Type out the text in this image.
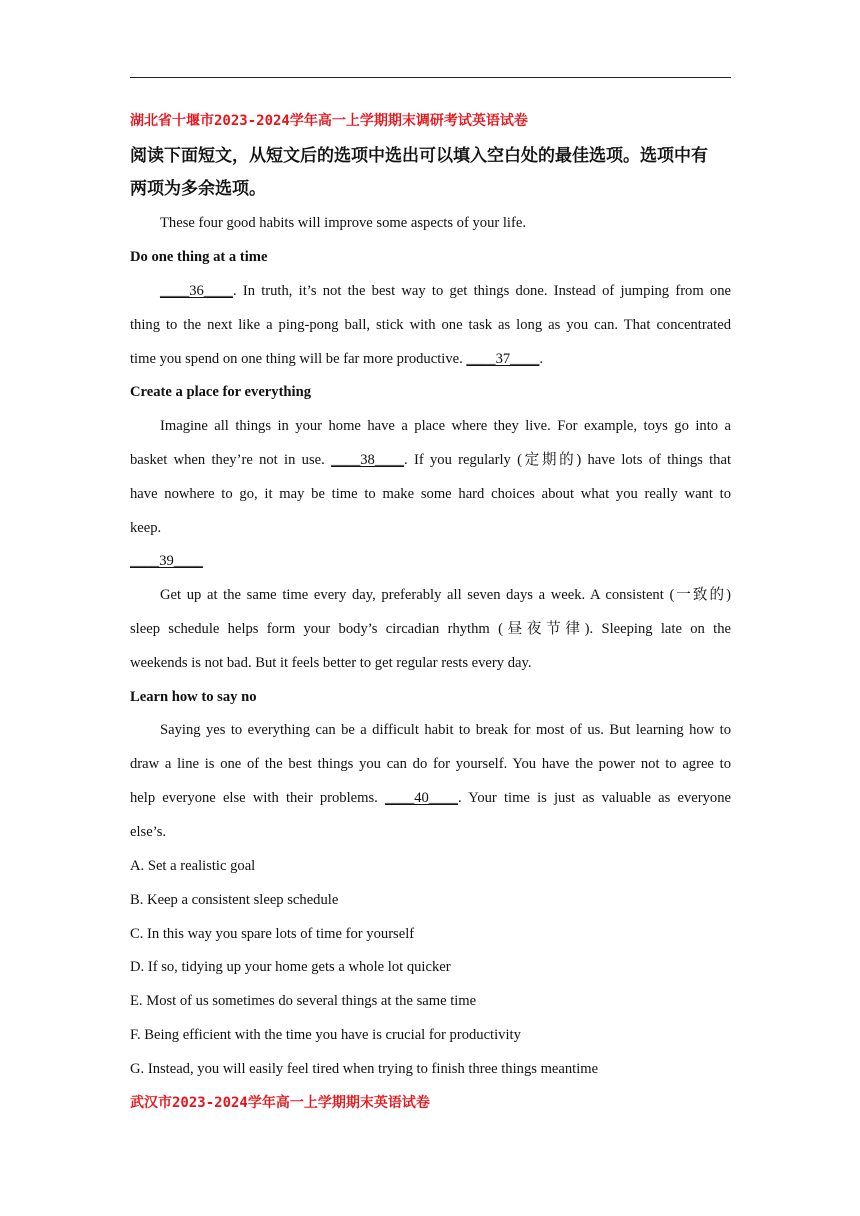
湖北省十堰市2023-2024学年高一上学期期末调研考试英语试卷
阅读下面短文，从短文后的选项中选出可以填入空白处的最佳选项。选项中有
两项为多余选项。
These four good habits will improve some aspects of your life.
Do one thing at a time
____36____. In truth, it’s not the best way to get things done. Instead of jumping from one
thing to the next like a ping-pong ball, stick with one task as long as you can. That concentrated
time you spend on one thing will be far more productive. ____37____.
Create a place for everything
Imagine all things in your home have a place where they live. For example, toys go into a
basket when they’re not in use. ____38____. If you regularly (定期的) have lots of things that
have nowhere to go, it may be time to make some hard choices about what you really want to
keep.
____39____
Get up at the same time every day, preferably all seven days a week. A consistent (一致的)
sleep schedule helps form your body’s circadian rhythm (昼夜节律). Sleeping late on the
weekends is not bad. But it feels better to get regular rests every day.
Learn how to say no
Saying yes to everything can be a difficult habit to break for most of us. But learning how to
draw a line is one of the best things you can do for yourself. You have the power not to agree to
help everyone else with their problems. ____40____. Your time is just as valuable as everyone
else’s.
A. Set a realistic goal
B. Keep a consistent sleep schedule
C. In this way you spare lots of time for yourself
D. If so, tidying up your home gets a whole lot quicker
E. Most of us sometimes do several things at the same time
F. Being efficient with the time you have is crucial for productivity
G. Instead, you will easily feel tired when trying to finish three things meantime
武汉市2023-2024学年高一上学期期末英语试卷
